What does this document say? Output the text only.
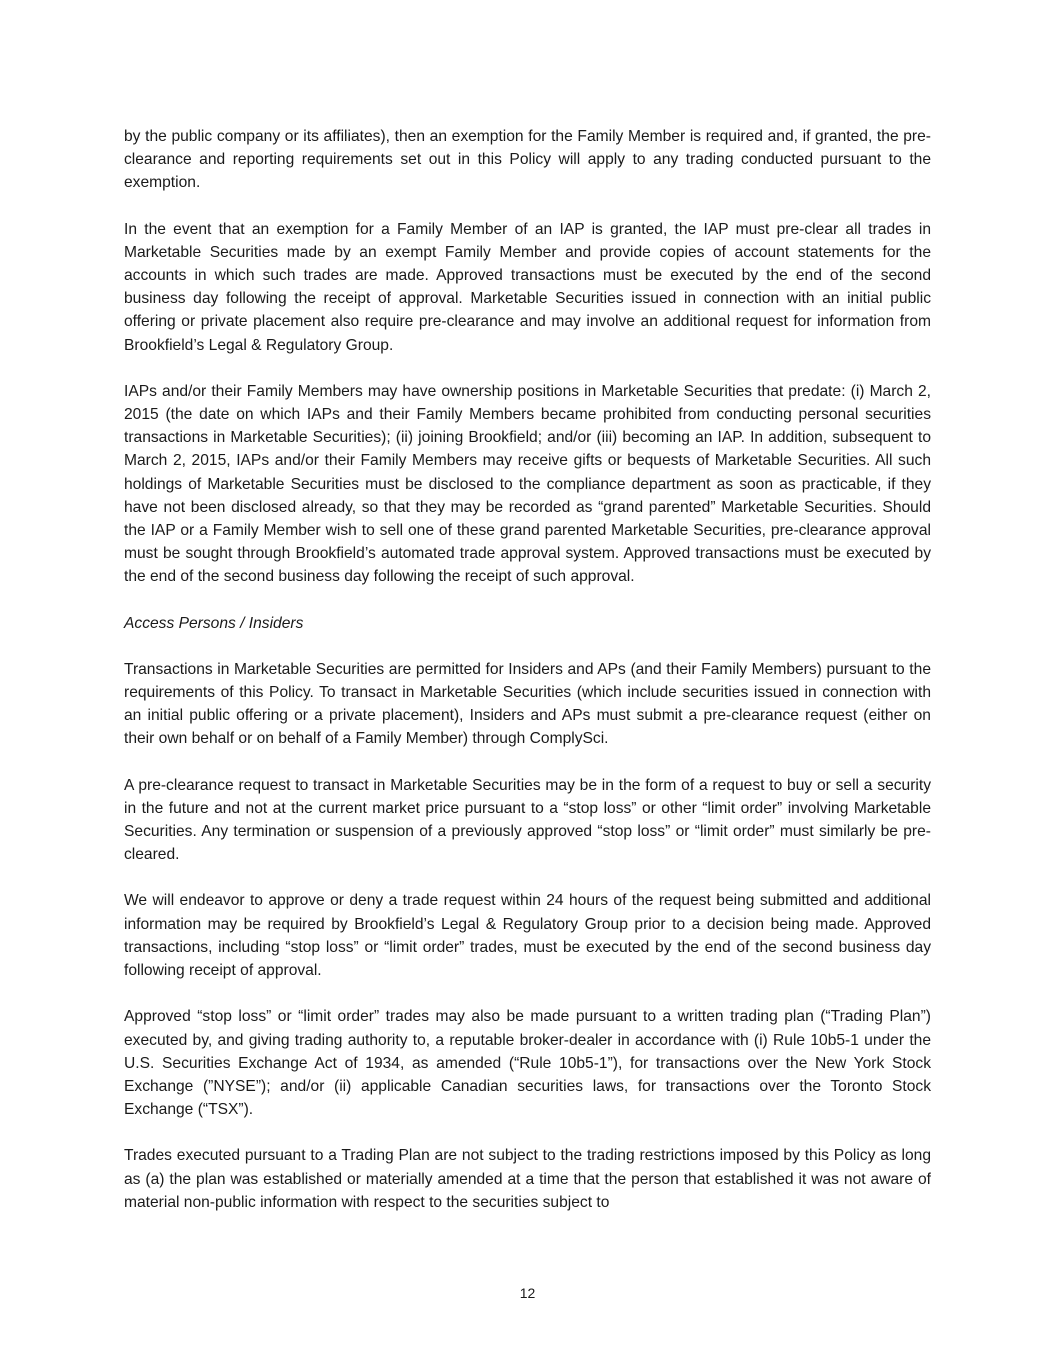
by the public company or its affiliates), then an exemption for the Family Member is required and, if granted, the pre-clearance and reporting requirements set out in this Policy will apply to any trading conducted pursuant to the exemption.

In the event that an exemption for a Family Member of an IAP is granted, the IAP must pre-clear all trades in Marketable Securities made by an exempt Family Member and provide copies of account statements for the accounts in which such trades are made. Approved transactions must be executed by the end of the second business day following the receipt of approval. Marketable Securities issued in connection with an initial public offering or private placement also require pre-clearance and may involve an additional request for information from Brookfield’s Legal & Regulatory Group.

IAPs and/or their Family Members may have ownership positions in Marketable Securities that predate: (i) March 2, 2015 (the date on which IAPs and their Family Members became prohibited from conducting personal securities transactions in Marketable Securities); (ii) joining Brookfield; and/or (iii) becoming an IAP. In addition, subsequent to March 2, 2015, IAPs and/or their Family Members may receive gifts or bequests of Marketable Securities. All such holdings of Marketable Securities must be disclosed to the compliance department as soon as practicable, if they have not been disclosed already, so that they may be recorded as “grand parented” Marketable Securities. Should the IAP or a Family Member wish to sell one of these grand parented Marketable Securities, pre-clearance approval must be sought through Brookfield’s automated trade approval system. Approved transactions must be executed by the end of the second business day following the receipt of such approval.

Access Persons / Insiders

Transactions in Marketable Securities are permitted for Insiders and APs (and their Family Members) pursuant to the requirements of this Policy. To transact in Marketable Securities (which include securities issued in connection with an initial public offering or a private placement), Insiders and APs must submit a pre-clearance request (either on their own behalf or on behalf of a Family Member) through ComplySci.

A pre-clearance request to transact in Marketable Securities may be in the form of a request to buy or sell a security in the future and not at the current market price pursuant to a “stop loss” or other “limit order” involving Marketable Securities. Any termination or suspension of a previously approved “stop loss” or “limit order” must similarly be pre-cleared.

We will endeavor to approve or deny a trade request within 24 hours of the request being submitted and additional information may be required by Brookfield’s Legal & Regulatory Group prior to a decision being made. Approved transactions, including “stop loss” or “limit order” trades, must be executed by the end of the second business day following receipt of approval.

Approved “stop loss” or “limit order” trades may also be made pursuant to a written trading plan (“Trading Plan”) executed by, and giving trading authority to, a reputable broker-dealer in accordance with (i) Rule 10b5-1 under the U.S. Securities Exchange Act of 1934, as amended (“Rule 10b5-1”), for transactions over the New York Stock Exchange (”NYSE”); and/or (ii) applicable Canadian securities laws, for transactions over the Toronto Stock Exchange (“TSX”).

Trades executed pursuant to a Trading Plan are not subject to the trading restrictions imposed by this Policy as long as (a) the plan was established or materially amended at a time that the person that established it was not aware of material non-public information with respect to the securities subject to

12
